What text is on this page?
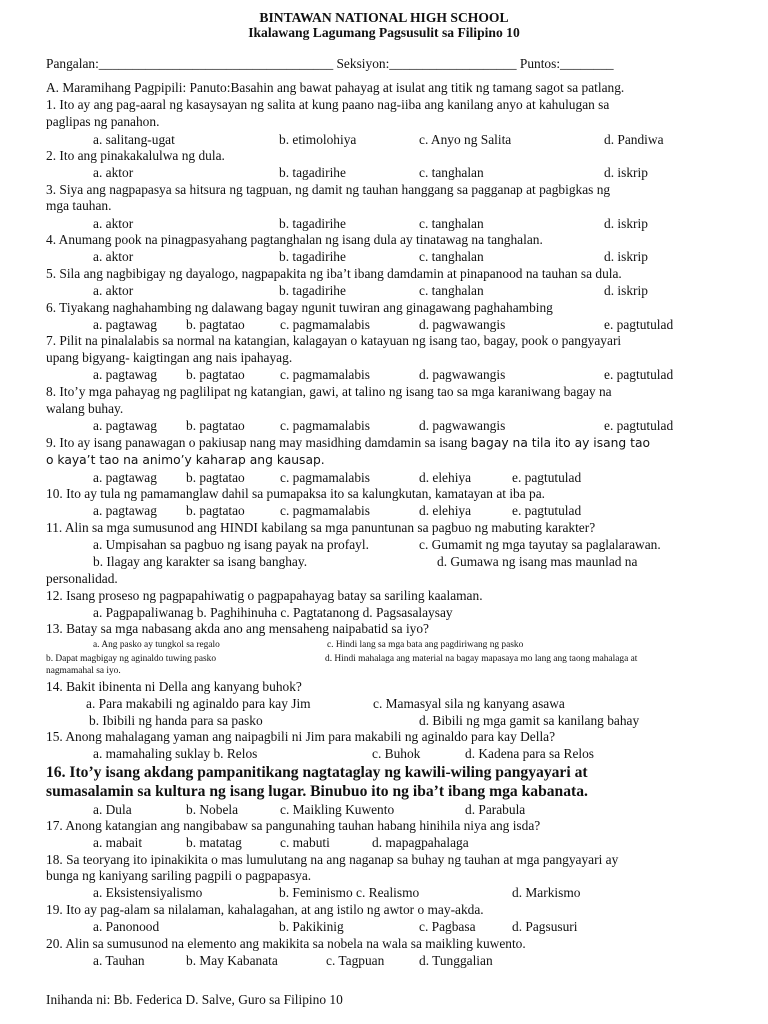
BINTAWAN NATIONAL HIGH SCHOOL
Ikalawang Lagumang Pagsusulit sa Filipino 10
Pangalan:___________________________________ Seksiyon:___________________ Puntos:________
A. Maramihang Pagpipili: Panuto:Basahin ang bawat pahayag at isulat ang titik ng tamang sagot sa patlang.
1. Ito ay ang pag-aaral ng kasaysayan ng salita at kung paano nag-iiba ang kanilang anyo at kahulugan sa
paglipas ng panahon.
a. salitang-ugat	b. etimolohiya	c. Anyo ng Salita	d. Pandiwa
2. Ito ang pinakakalulwa ng dula.
a. aktor	b. tagadirihe	c. tanghalan	d. iskrip
3. Siya ang nagpapasya sa hitsura ng tagpuan, ng damit ng tauhan hanggang sa pagganap at pagbigkas ng
mga tauhan.
a. aktor	b. tagadirihe	c. tanghalan	d. iskrip
4. Anumang pook na pinagpasyahang pagtanghalan ng isang dula ay tinatawag na tanghalan.
a. aktor	b. tagadirihe	c. tanghalan	d. iskrip
5. Sila ang nagbibigay ng dayalogo, nagpapakita ng iba’t ibang damdamin at pinapanood na tauhan sa dula.
a. aktor	b. tagadirihe	c. tanghalan	d. iskrip
6. Tiyakang naghahambing ng dalawang bagay ngunit tuwiran ang ginagawang paghahambing
a. pagtawag b. pagtatao	c. pagmamalabis	d. pagwawangis	e. pagtutulad
7. Pilit na pinalalabis sa normal na katangian, kalagayan o katayuan ng isang tao, bagay, pook o pangyayari
upang bigyang- kaigtingan ang nais ipahayag.
a. pagtawag b. pagtatao	c. pagmamalabis	d. pagwawangis	e. pagtutulad
8. Ito’y mga pahayag ng paglilipat ng katangian, gawi, at talino ng isang tao sa mga karaniwang bagay na
walang buhay.
a. pagtawag b. pagtatao	c. pagmamalabis	d. pagwawangis	e. pagtutulad
9. Ito ay isang panawagan o pakiusap nang may masidhing damdamin sa isang bagay na tila ito ay isang tao
o kaya’t tao na animo’y kaharap ang kausap.
a. pagtawag b. pagtatao	c. pagmamalabis	d. elehiya	e. pagtutulad
10. Ito ay tula ng pamamanglaw dahil sa pumapaksa ito sa kalungkutan, kamatayan at iba pa.
a. pagtawag b. pagtatao	c. pagmamalabis	d. elehiya	e. pagtutulad
11. Alin sa mga sumusunod ang HINDI kabilang sa mga panuntunan sa pagbuo ng mabuting karakter?
a. Umpisahan sa pagbuo ng isang payak na profayl.	c. Gumamit ng mga tayutay sa paglalarawan.
b. Ilagay ang karakter sa isang banghay.	d. Gumawa ng isang mas maunlad na
personalidad.
12. Isang proseso ng pagpapahiwatig o pagpapahayag batay sa sariling kaalaman.
a. Pagpapaliwanag b. Paghihinuha c. Pagtatanong d. Pagsasalaysay
13. Batay sa mga nabasang akda ano ang mensaheng naipabatid sa iyo?
a. Ang pasko ay tungkol sa regalo	c. Hindi lang sa mga bata ang pagdiriwang ng pasko
b. Dapat magbigay ng aginaldo tuwing pasko	d. Hindi mahalaga ang material na bagay mapasaya mo lang ang taong mahalaga at
nagmamahal sa iyo.
14. Bakit ibinenta ni Della ang kanyang buhok?
a. Para makabili ng aginaldo para kay Jim	c. Mamasyal sila ng kanyang asawa
b. Ibibili ng handa para sa pasko	d. Bibili ng mga gamit sa kanilang bahay
15. Anong mahalagang yaman ang naipagbili ni Jim para makabili ng aginaldo para kay Della?
a. mamahaling suklay b. Relos	c. Buhok	d. Kadena para sa Relos
16. Ito’y isang akdang pampanitikang nagtataglay ng kawili-wiling pangyayari at
sumasalamin sa kultura ng isang lugar. Binubuo ito ng iba’t ibang mga kabanata.
a. Dula	b. Nobela	c. Maikling Kuwento	d. Parabula
17. Anong katangian ang nangibabaw sa pangunahing tauhan habang hinihila niya ang isda?
a. mabait	b. matatag	c. mabuti	d. mapagpahalaga
18. Sa teoryang ito ipinakikita o mas lumulutang na ang naganap sa buhay ng tauhan at mga pangyayari ay
bunga ng kaniyang sariling pagpili o pagpapasya.
a. Eksistensiyalismo	b. Feminismo c. Realismo	d. Markismo
19. Ito ay pag-alam sa nilalaman, kahalagahan, at ang istilo ng awtor o may-akda.
a. Panonood	b. Pakikinig	c. Pagbasa	d. Pagsusuri
20. Alin sa sumusunod na elemento ang makikita sa nobela na wala sa maikling kuwento.
a. Tauhan	b. May Kabanata	c. Tagpuan	d. Tunggalian
Inihanda ni: Bb. Federica D. Salve, Guro sa Filipino 10
